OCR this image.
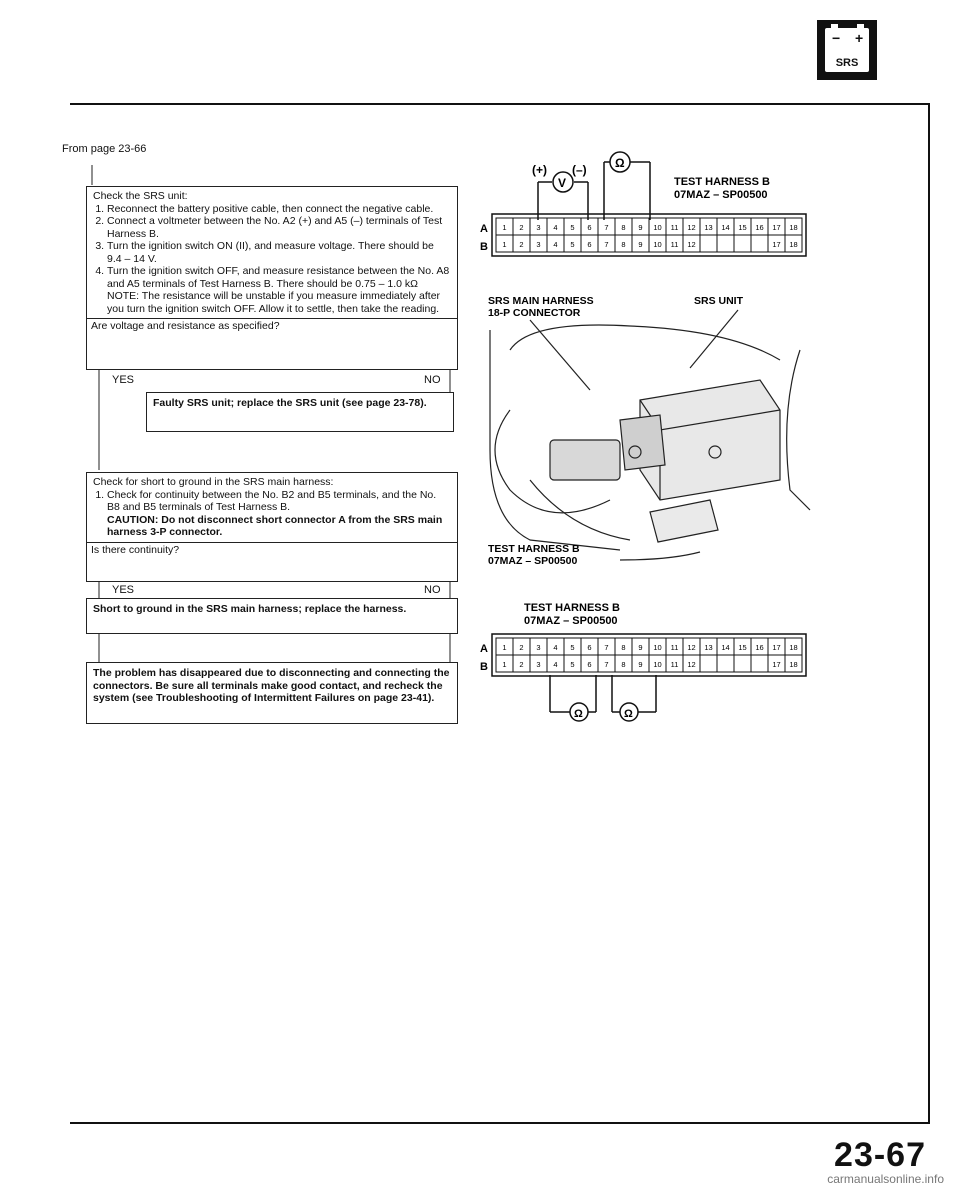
− +
SRS
From page 23-66
Check the SRS unit:
1. Reconnect the battery positive cable, then connect the negative cable.
2. Connect a voltmeter between the No. A2 (+) and A5 (–) terminals of Test Harness B.
3. Turn the ignition switch ON (II), and measure voltage. There should be 9.4 – 14 V.
4. Turn the ignition switch OFF, and measure resistance between the No. A8 and A5 terminals of Test Harness B. There should be 0.75 – 1.0 kΩ
NOTE: The resistance will be unstable if you measure immediately after you turn the ignition switch OFF. Allow it to settle, then take the reading.
Are voltage and resistance as specified?
YES	NO
Faulty SRS unit; replace the SRS unit (see page 23-78).
Check for short to ground in the SRS main harness:
1. Check for continuity between the No. B2 and B5 terminals, and the No. B8 and B5 terminals of Test Harness B.
CAUTION: Do not disconnect short connector A from the SRS main harness 3-P connector.
Is there continuity?
YES	NO
Short to ground in the SRS main harness; replace the harness.
The problem has disappeared due to disconnecting and connecting the connectors. Be sure all terminals make good contact, and recheck the system (see Troubleshooting of Intermittent Failures on page 23-41).
(+) (–)
V
Ω
TEST HARNESS B
07MAZ – SP00500
A
B
1 2 3 4 5 6 7 8 9 10 11 12 13 14 15 16 17 18
1 2 3 4 5 6 7 8 9 10 11 12	17 18
SRS MAIN HARNESS
18-P CONNECTOR
SRS UNIT
TEST HARNESS B
07MAZ – SP00500
TEST HARNESS B
07MAZ – SP00500
A
B
1 2 3 4 5 6 7 8 9 10 11 12 13 14 15 16 17 18
1 2 3 4 5 6 7 8 9 10 11 12	17 18
Ω	Ω
23-67
carmanualsonline.info
